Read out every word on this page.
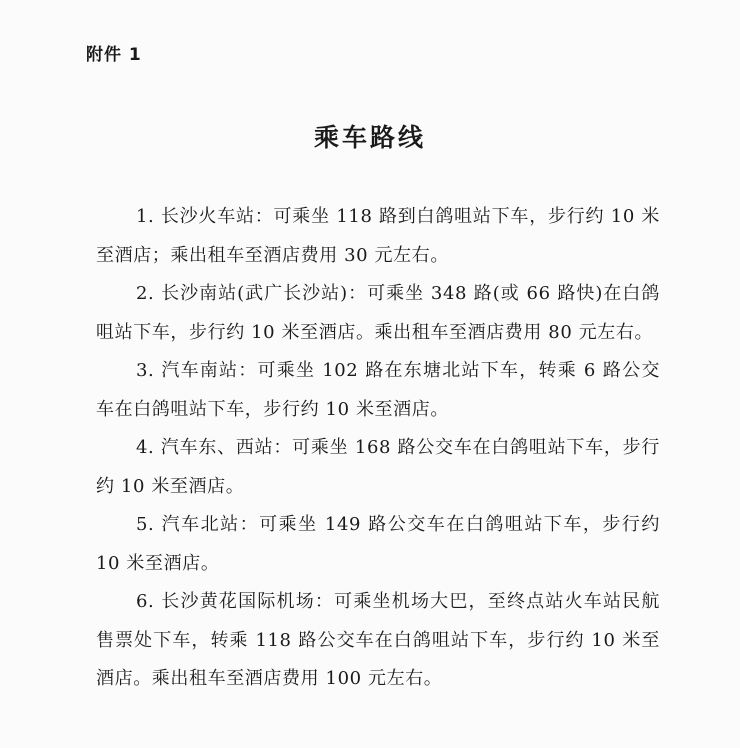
附件 1
乘车路线

1. 长沙火车站：可乘坐 118 路到白鸽咀站下车，步行约 10 米至酒店；乘出租车至酒店费用 30 元左右。

2. 长沙南站(武广长沙站)：可乘坐 348 路(或 66 路快)在白鸽咀站下车，步行约 10 米至酒店。乘出租车至酒店费用 80 元左右。

3. 汽车南站：可乘坐 102 路在东塘北站下车，转乘 6 路公交车在白鸽咀站下车，步行约 10 米至酒店。

4. 汽车东、西站：可乘坐 168 路公交车在白鸽咀站下车，步行约 10 米至酒店。

5. 汽车北站：可乘坐 149 路公交车在白鸽咀站下车，步行约 10 米至酒店。

6. 长沙黄花国际机场：可乘坐机场大巴，至终点站火车站民航售票处下车，转乘 118 路公交车在白鸽咀站下车，步行约 10 米至酒店。乘出租车至酒店费用 100 元左右。
